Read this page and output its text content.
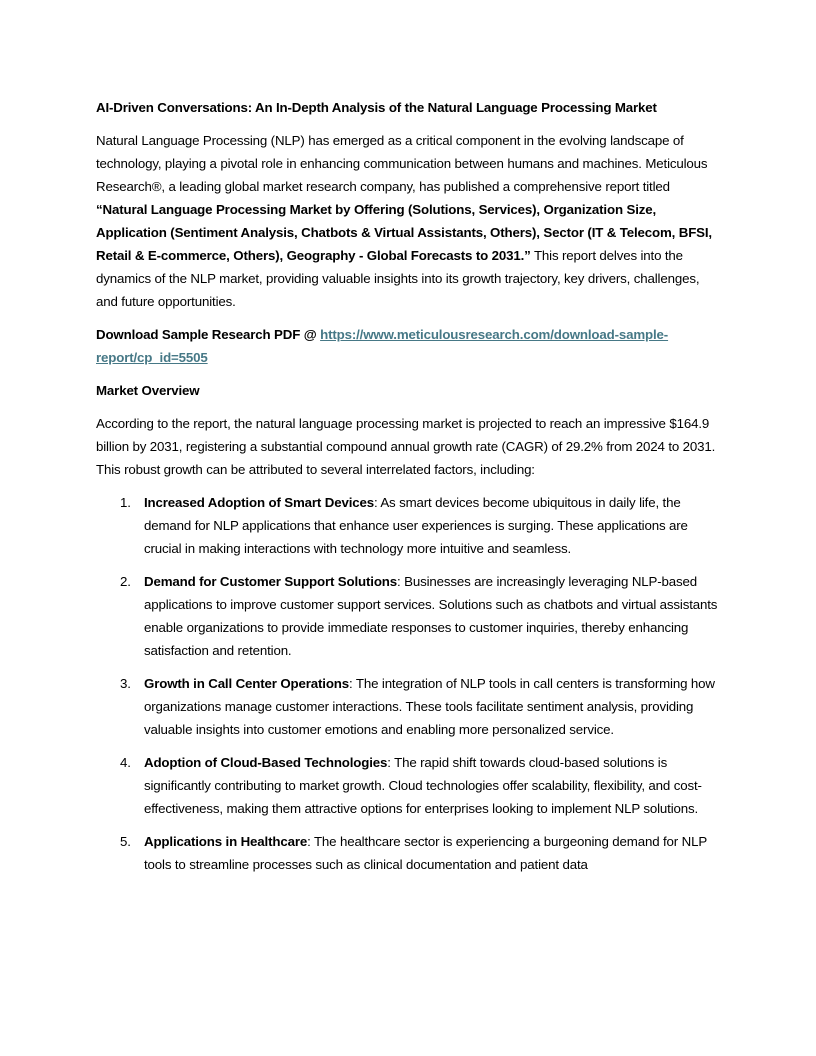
AI-Driven Conversations: An In-Depth Analysis of the Natural Language Processing Market

Natural Language Processing (NLP) has emerged as a critical component in the evolving landscape of technology, playing a pivotal role in enhancing communication between humans and machines. Meticulous Research®, a leading global market research company, has published a comprehensive report titled “Natural Language Processing Market by Offering (Solutions, Services), Organization Size, Application (Sentiment Analysis, Chatbots & Virtual Assistants, Others), Sector (IT & Telecom, BFSI, Retail & E-commerce, Others), Geography - Global Forecasts to 2031.” This report delves into the dynamics of the NLP market, providing valuable insights into its growth trajectory, key drivers, challenges, and future opportunities.

Download Sample Research PDF @ https://www.meticulousresearch.com/download-sample-report/cp_id=5505

Market Overview

According to the report, the natural language processing market is projected to reach an impressive $164.9 billion by 2031, registering a substantial compound annual growth rate (CAGR) of 29.2% from 2024 to 2031. This robust growth can be attributed to several interrelated factors, including:

1. Increased Adoption of Smart Devices: As smart devices become ubiquitous in daily life, the demand for NLP applications that enhance user experiences is surging. These applications are crucial in making interactions with technology more intuitive and seamless.
2. Demand for Customer Support Solutions: Businesses are increasingly leveraging NLP-based applications to improve customer support services. Solutions such as chatbots and virtual assistants enable organizations to provide immediate responses to customer inquiries, thereby enhancing satisfaction and retention.
3. Growth in Call Center Operations: The integration of NLP tools in call centers is transforming how organizations manage customer interactions. These tools facilitate sentiment analysis, providing valuable insights into customer emotions and enabling more personalized service.
4. Adoption of Cloud-Based Technologies: The rapid shift towards cloud-based solutions is significantly contributing to market growth. Cloud technologies offer scalability, flexibility, and cost-effectiveness, making them attractive options for enterprises looking to implement NLP solutions.
5. Applications in Healthcare: The healthcare sector is experiencing a burgeoning demand for NLP tools to streamline processes such as clinical documentation and patient data
